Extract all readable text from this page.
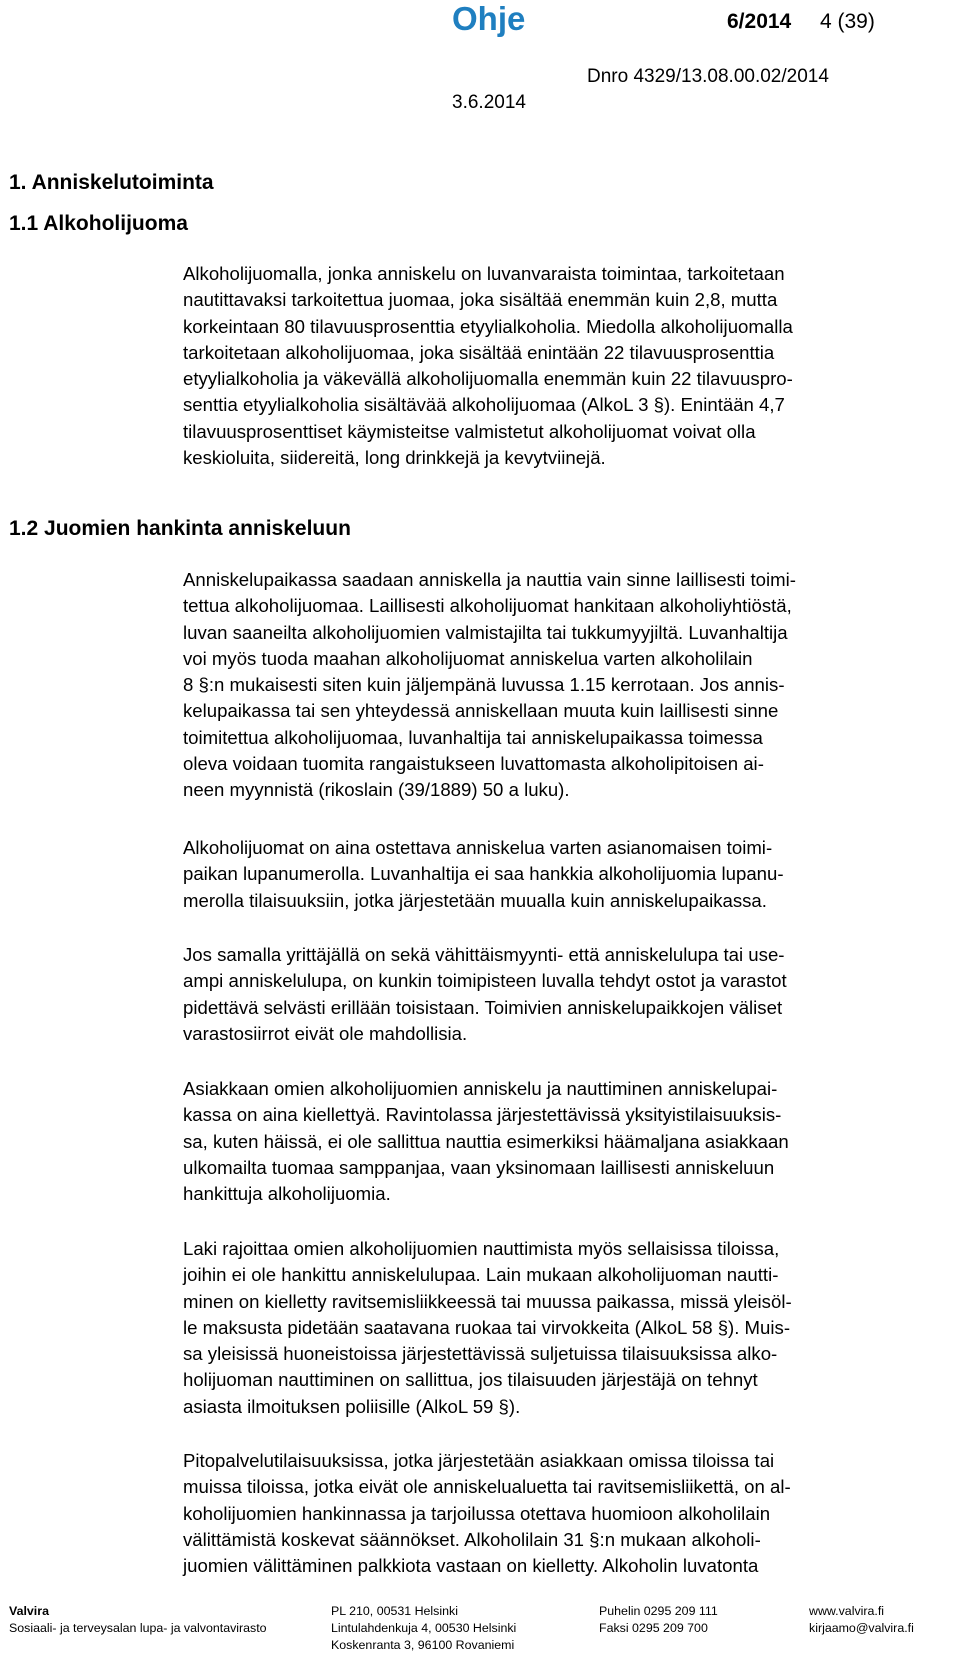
Ohje	6/2014 4 (39)
Dnro 4329/13.08.00.02/2014
3.6.2014
1. Anniskelutoiminta
1.1 Alkoholijuoma
Alkoholijuomalla, jonka anniskelu on luvanvaraista toimintaa, tarkoitetaan
nautittavaksi tarkoitettua juomaa, joka sisältää enemmän kuin 2,8, mutta
korkeintaan 80 tilavuusprosenttia etyylialkoholia. Miedolla alkoholijuomalla
tarkoitetaan alkoholijuomaa, joka sisältää enintään 22 tilavuusprosenttia
etyylialkoholia ja väkevällä alkoholijuomalla enemmän kuin 22 tilavuuspro-
senttia etyylialkoholia sisältävää alkoholijuomaa (AlkoL 3 §). Enintään 4,7
tilavuusprosenttiset käymisteitse valmistetut alkoholijuomat voivat olla
keskioluita, siidereitä, long drinkkejä ja kevytviinejä.
1.2 Juomien hankinta anniskeluun
Anniskelupaikassa saadaan anniskella ja nauttia vain sinne laillisesti toimi-
tettua alkoholijuomaa. Laillisesti alkoholijuomat hankitaan alkoholiyhtiöstä,
luvan saaneilta alkoholijuomien valmistajilta tai tukkumyyjiltä. Luvanhaltija
voi myös tuoda maahan alkoholijuomat anniskelua varten alkoholilain
8 §:n mukaisesti siten kuin jäljempänä luvussa 1.15 kerrotaan. Jos annis-
kelupaikassa tai sen yhteydessä anniskellaan muuta kuin laillisesti sinne
toimitettua alkoholijuomaa, luvanhaltija tai anniskelupaikassa toimessa
oleva voidaan tuomita rangaistukseen luvattomasta alkoholipitoisen ai-
neen myynnistä (rikoslain (39/1889) 50 a luku).
Alkoholijuomat on aina ostettava anniskelua varten asianomaisen toimi-
paikan lupanumerolla. Luvanhaltija ei saa hankkia alkoholijuomia lupanu-
merolla tilaisuuksiin, jotka järjestetään muualla kuin anniskelupaikassa.
Jos samalla yrittäjällä on sekä vähittäismyynti- että anniskelulupa tai use-
ampi anniskelulupa, on kunkin toimipisteen luvalla tehdyt ostot ja varastot
pidettävä selvästi erillään toisistaan. Toimivien anniskelupaikkojen väliset
varastosiirrot eivät ole mahdollisia.
Asiakkaan omien alkoholijuomien anniskelu ja nauttiminen anniskelupai-
kassa on aina kiellettyä. Ravintolassa järjestettävissä yksityistilaisuuksis-
sa, kuten häissä, ei ole sallittua nauttia esimerkiksi häämaljana asiakkaan
ulkomailta tuomaa samppanjaa, vaan yksinomaan laillisesti anniskeluun
hankittuja alkoholijuomia.
Laki rajoittaa omien alkoholijuomien nauttimista myös sellaisissa tiloissa,
joihin ei ole hankittu anniskelulupaa. Lain mukaan alkoholijuoman nautti-
minen on kielletty ravitsemisliikkeessä tai muussa paikassa, missä yleisöl-
le maksusta pidetään saatavana ruokaa tai virvokkeita (AlkoL 58 §). Muis-
sa yleisissä huoneistoissa järjestettävissä suljetuissa tilaisuuksissa alko-
holijuoman nauttiminen on sallittua, jos tilaisuuden järjestäjä on tehnyt
asiasta ilmoituksen poliisille (AlkoL 59 §).
Pitopalvelutilaisuuksissa, jotka järjestetään asiakkaan omissa tiloissa tai
muissa tiloissa, jotka eivät ole anniskelualuetta tai ravitsemisliikettä, on al-
koholijuomien hankinnassa ja tarjoilussa otettava huomioon alkoholilain
välittämistä koskevat säännökset. Alkoholilain 31 §:n mukaan alkoholi-
juomien välittäminen palkkiota vastaan on kielletty. Alkoholin luvatonta
Valvira
Sosiaali- ja terveysalan lupa- ja valvontavirasto
PL 210, 00531 Helsinki
Lintulahdenkuja 4, 00530 Helsinki
Koskenranta 3, 96100 Rovaniemi
Puhelin 0295 209 111
Faksi 0295 209 700
www.valvira.fi
kirjaamo@valvira.fi
